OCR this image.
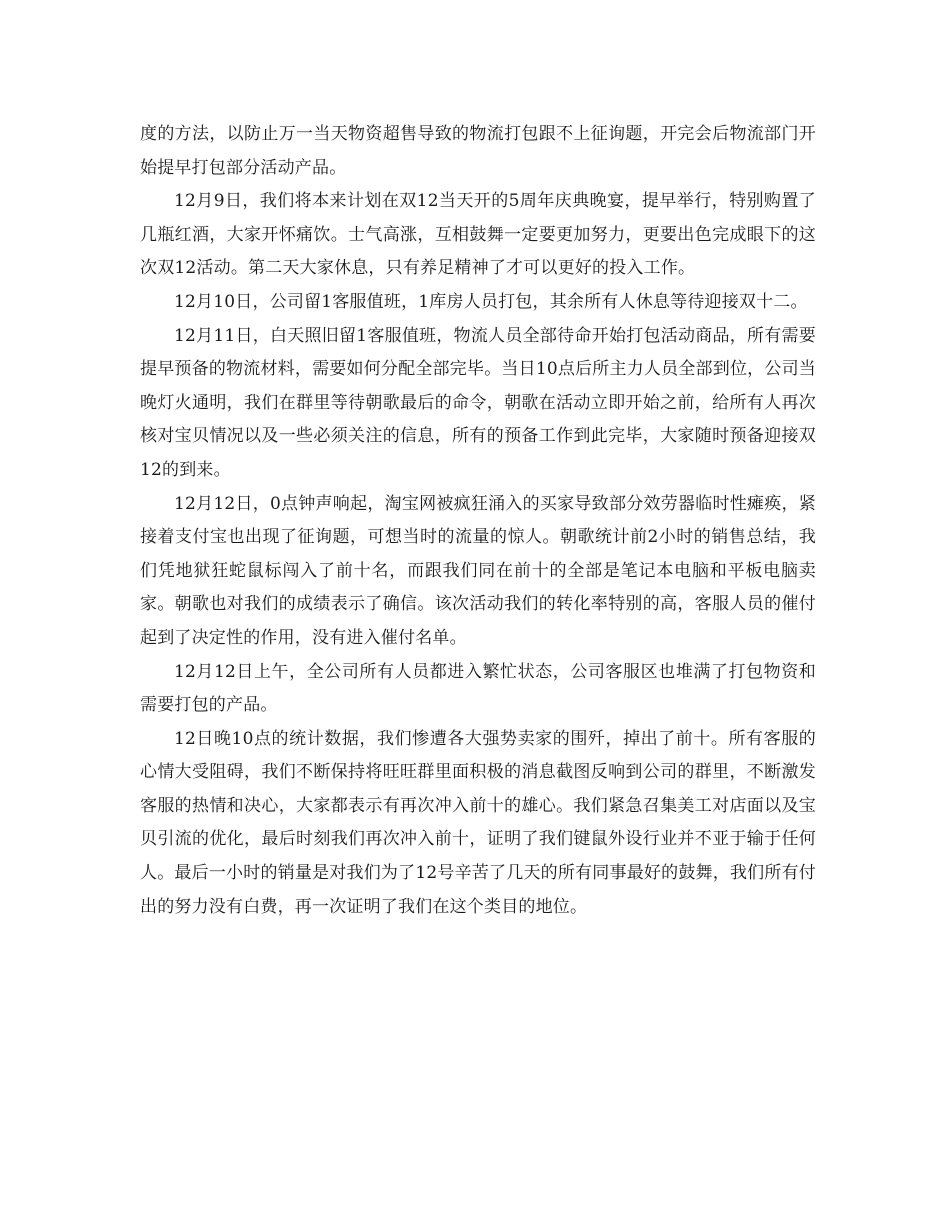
度的方法，以防止万一当天物资超售导致的物流打包跟不上征询题，开完会后物流部门开始提早打包部分活动产品。

12月9日，我们将本来计划在双12当天开的5周年庆典晚宴，提早举行，特别购置了几瓶红酒，大家开怀痛饮。士气高涨，互相鼓舞一定要更加努力，更要出色完成眼下的这次双12活动。第二天大家休息，只有养足精神了才可以更好的投入工作。

12月10日，公司留1客服值班，1库房人员打包，其余所有人休息等待迎接双十二。

12月11日，白天照旧留1客服值班，物流人员全部待命开始打包活动商品，所有需要提早预备的物流材料，需要如何分配全部完毕。当日10点后所主力人员全部到位，公司当晚灯火通明，我们在群里等待朝歌最后的命令，朝歌在活动立即开始之前，给所有人再次核对宝贝情况以及一些必须关注的信息，所有的预备工作到此完毕，大家随时预备迎接双12的到来。

12月12日，0点钟声响起，淘宝网被疯狂涌入的买家导致部分效劳器临时性瘫痪，紧接着支付宝也出现了征询题，可想当时的流量的惊人。朝歌统计前2小时的销售总结，我们凭地狱狂蛇鼠标闯入了前十名，而跟我们同在前十的全部是笔记本电脑和平板电脑卖家。朝歌也对我们的成绩表示了确信。该次活动我们的转化率特别的高，客服人员的催付起到了决定性的作用，没有进入催付名单。

12月12日上午，全公司所有人员都进入繁忙状态，公司客服区也堆满了打包物资和需要打包的产品。

12日晚10点的统计数据，我们惨遭各大强势卖家的围歼，掉出了前十。所有客服的心情大受阻碍，我们不断保持将旺旺群里面积极的消息截图反响到公司的群里，不断激发客服的热情和决心，大家都表示有再次冲入前十的雄心。我们紧急召集美工对店面以及宝贝引流的优化，最后时刻我们再次冲入前十，证明了我们键鼠外设行业并不亚于输于任何人。最后一小时的销量是对我们为了12号辛苦了几天的所有同事最好的鼓舞，我们所有付出的努力没有白费，再一次证明了我们在这个类目的地位。
